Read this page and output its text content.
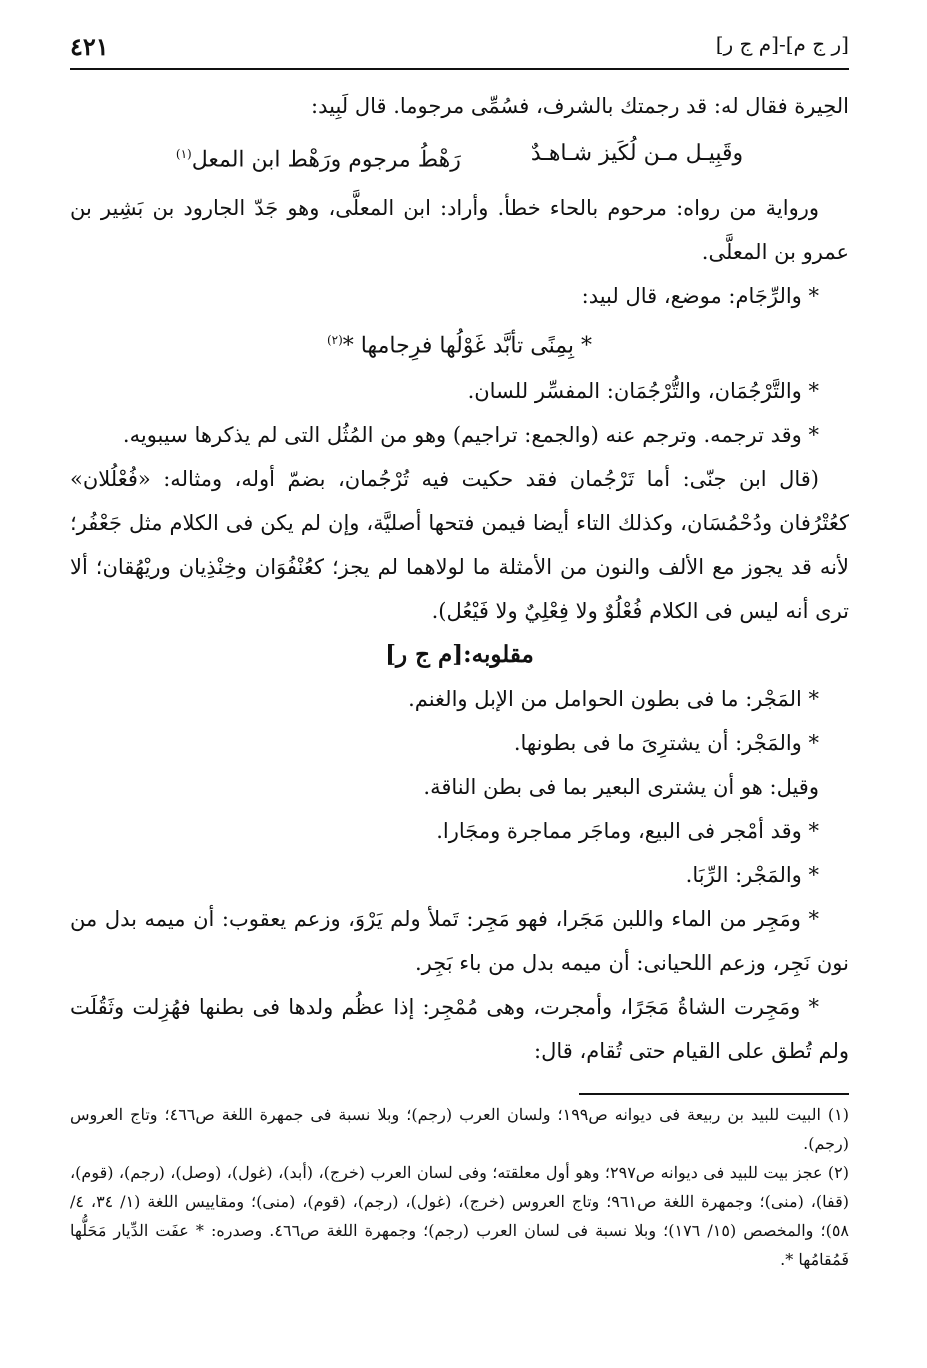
[ر ج م]-[م ج ر]
٤٢١

الحِيرة فقال له: قد رجمتك بالشرف، فسُمِّى مرجوما. قال لَبِيد:

وقَبِيـل مـن لُكَيز شـاهـدٌ
رَهْطُ مرجوم ورَهْط ابن المعل$^{(١)}$

ورواية من رواه: مرحوم بالحاء خطأ. وأراد: ابن المعلَّى، وهو جَدّ الجارود بن بَشِير بن عمرو بن المعلَّى.

* والرِّجَام: موضع، قال لبيد:

* بِمِنًى تأبَّد غَوْلُها فرِجامها *$^{(٢)}$

* والتَّرْجُمَان، والتُّرْجُمَان: المفسِّر للسان.

* وقد ترجمه. وترجم عنه (والجمع: تراجيم) وهو من المُثُل التى لم يذكرها سيبويه.

(قال ابن جنّى: أما تَرْجُمان فقد حكيت فيه تُرْجُمان، بضمّ أوله، ومثاله: «فُعْلُلان» كعُتْرُفان ودُحْمُسَان، وكذلك التاء أيضا فيمن فتحها أصليَّة، وإن لم يكن فى الكلام مثل جَعْفُر؛ لأنه قد يجوز مع الألف والنون من الأمثلة ما لولاهما لم يجز؛ كعُنْفُوَان وخِنْذِيان وريْهُقان؛ ألا ترى أنه ليس فى الكلام فُعْلُوٌ ولا فِعْلِيٌ ولا فَيْعُل).

مقلوبه:[م ج ر]

* المَجْر: ما فى بطون الحوامل من الإبل والغنم.

* والمَجْر: أن يشترِىَ ما فى بطونها.

وقيل: هو أن يشترى البعير بما فى بطن الناقة.

* وقد أمْجر فى البيع، وماجَر مماجرة ومجَارا.

* والمَجْر: الرِّبَا.

* ومَجِر من الماء واللبن مَجَرا، فهو مَجِر: تَملأ ولم يَرْوَ، وزعم يعقوب: أن ميمه بدل من نون نَجِر، وزعم اللحيانى: أن ميمه بدل من باء بَجِر.

* ومَجِرت الشاةُ مَجَرًا، وأمجرت، وهى مُمْجِر: إذا عظُم ولدها فى بطنها فهُزِلت وثَقُلَت ولم تُطق على القيام حتى تُقام، قال:

(١) البيت للبيد بن ربيعة فى ديوانه ص١٩٩؛ ولسان العرب (رجم)؛ وبلا نسبة فى جمهرة اللغة ص٤٦٦؛ وتاج العروس (رجم).

(٢) عجز بيت للبيد فى ديوانه ص٢٩٧؛ وهو أول معلقته؛ وفى لسان العرب (خرج)، (أبد)، (غول)، (وصل)، (رجم)، (قوم)، (قفا)، (منى)؛ وجمهرة اللغة ص٩٦١؛ وتاج العروس (خرج)، (غول)، (رجم)، (قوم)، (منى)؛ ومقاييس اللغة (١/ ٣٤، ٤/ ٥٨)؛ والمخصص (١٥/ ١٧٦)؛ وبلا نسبة فى لسان العرب (رجم)؛ وجمهرة اللغة ص٤٦٦. وصدره: * عفَت الدِّيار مَحَلُّها فَمُقامُها *.
